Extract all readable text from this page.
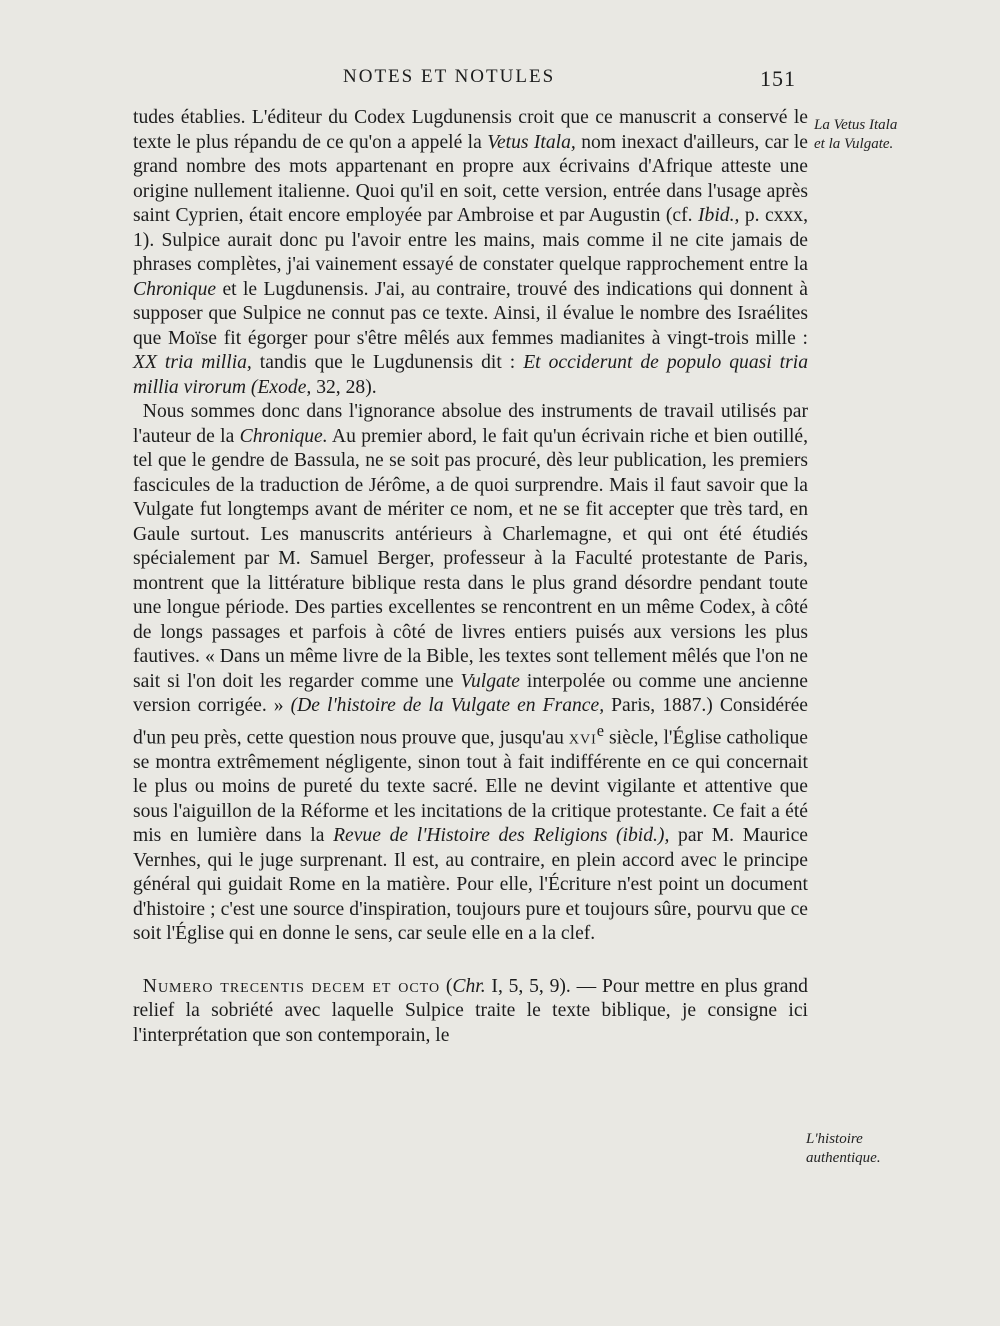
NOTES ET NOTULES	151
La Vetus Itala
et la Vulgate.
L'histoire
authentique.

tudes établies. L'éditeur du Codex Lugdunensis croit que ce manuscrit a conservé le texte le plus répandu de ce qu'on a appelé la Vetus Itala, nom inexact d'ailleurs, car le grand nombre des mots appartenant en propre aux écrivains d'Afrique atteste une origine nullement italienne. Quoi qu'il en soit, cette version, entrée dans l'usage après saint Cyprien, était encore employée par Ambroise et par Augustin (cf. Ibid., p. cxxx, 1). Sulpice aurait donc pu l'avoir entre les mains, mais comme il ne cite jamais de phrases complètes, j'ai vainement essayé de constater quelque rapprochement entre la Chronique et le Lugdunensis. J'ai, au contraire, trouvé des indications qui donnent à supposer que Sulpice ne connut pas ce texte. Ainsi, il évalue le nombre des Israélites que Moïse fit égorger pour s'être mêlés aux femmes madianites à vingt-trois mille : XX tria millia, tandis que le Lugdunensis dit : Et occiderunt de populo quasi tria millia virorum (Exode, 32, 28).

 Nous sommes donc dans l'ignorance absolue des instruments de travail utilisés par l'auteur de la Chronique. Au premier abord, le fait qu'un écrivain riche et bien outillé, tel que le gendre de Bassula, ne se soit pas procuré, dès leur publication, les premiers fascicules de la traduction de Jérôme, a de quoi surprendre. Mais il faut savoir que la Vulgate fut longtemps avant de mériter ce nom, et ne se fit accepter que très tard, en Gaule surtout. Les manuscrits antérieurs à Charlemagne, et qui ont été étudiés spécialement par M. Samuel Berger, professeur à la Faculté protestante de Paris, montrent que la littérature biblique resta dans le plus grand désordre pendant toute une longue période. Des parties excellentes se rencontrent en un même Codex, à côté de longs passages et parfois à côté de livres entiers puisés aux versions les plus fautives. « Dans un même livre de la Bible, les textes sont tellement mêlés que l'on ne sait si l'on doit les regarder comme une Vulgate interpolée ou comme une ancienne version corrigée. » (De l'histoire de la Vulgate en France, Paris, 1887.) Considérée d'un peu près, cette question nous prouve que, jusqu'au xvi$^e$ siècle, l'Église catholique se montra extrêmement négligente, sinon tout à fait indifférente en ce qui concernait le plus ou moins de pureté du texte sacré. Elle ne devint vigilante et attentive que sous l'aiguillon de la Réforme et les incitations de la critique protestante. Ce fait a été mis en lumière dans la Revue de l'Histoire des Religions (ibid.), par M. Maurice Vernhes, qui le juge surprenant. Il est, au contraire, en plein accord avec le principe général qui guidait Rome en la matière. Pour elle, l'Écriture n'est point un document d'histoire ; c'est une source d'inspiration, toujours pure et toujours sûre, pourvu que ce soit l'Église qui en donne le sens, car seule elle en a la clef.

 Numero trecentis decem et octo (Chr. I, 5, 5, 9). — Pour mettre en plus grand relief la sobriété avec laquelle Sulpice traite le texte biblique, je consigne ici l'interprétation que son contemporain, le
